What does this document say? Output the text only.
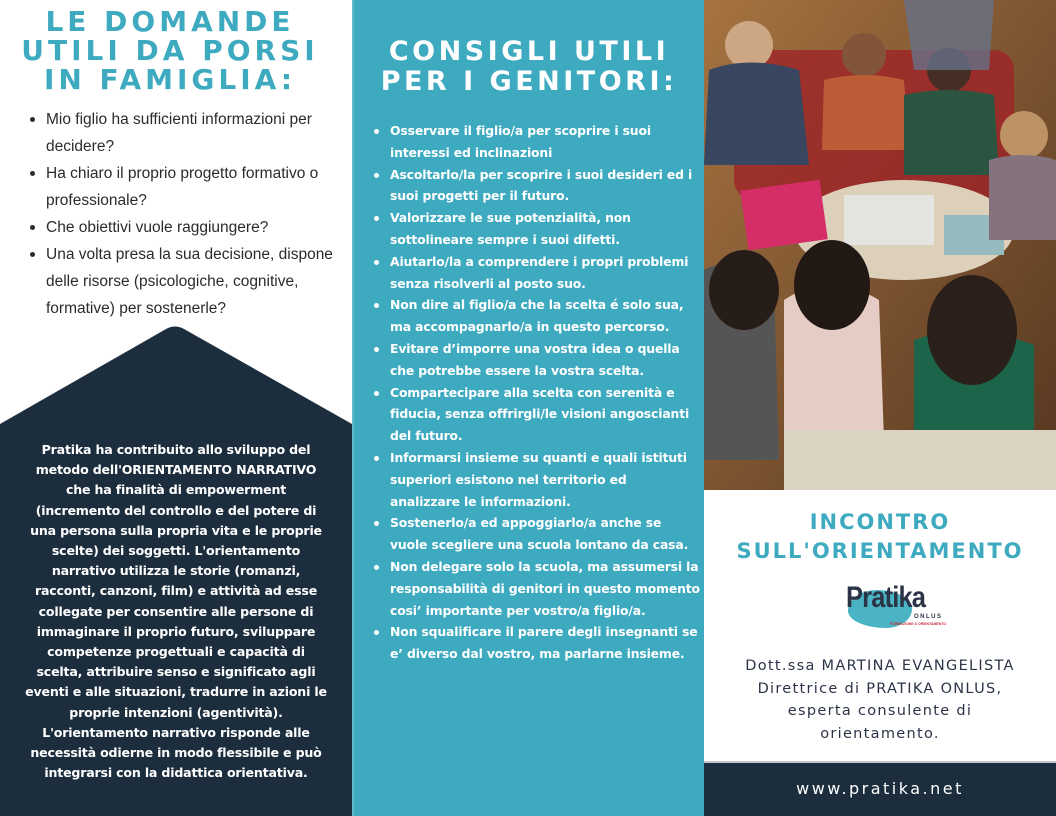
LE DOMANDE
UTILI DA PORSI
IN FAMIGLIA:
Mio figlio ha sufficienti informazioni per decidere?
Ha chiaro il proprio progetto formativo o professionale?
Che obiettivi vuole raggiungere?
Una volta presa la sua decisione, dispone delle risorse (psicologiche, cognitive, formative) per sostenerle?
Pratika ha contribuito allo sviluppo del
metodo dell'ORIENTAMENTO NARRATIVO
che ha finalità di empowerment
(incremento del controllo e del potere di
una persona sulla propria vita e le proprie
scelte) dei soggetti. L'orientamento
narrativo utilizza le storie (romanzi,
racconti, canzoni, film) e attività ad esse
collegate per consentire alle persone di
immaginare il proprio futuro, sviluppare
competenze progettuali e capacità di
scelta, attribuire senso e significato agli
eventi e alle situazioni, tradurre in azioni le
proprie intenzioni (agentività).
L'orientamento narrativo risponde alle
necessità odierne in modo flessibile e può
integrarsi con la didattica orientativa.
CONSIGLI UTILI
PER I GENITORI:
Osservare il figlio/a per scoprire i suoi interessi ed inclinazioni
Ascoltarlo/la per scoprire i suoi desideri ed i suoi progetti per il futuro.
Valorizzare le sue potenzialità, non sottolineare sempre i suoi difetti.
Aiutarlo/la a comprendere i propri problemi senza risolverli al posto suo.
Non dire al figlio/a che la scelta é solo sua, ma accompagnarlo/a in questo percorso.
Evitare d’imporre una vostra idea o quella che potrebbe essere la vostra scelta.
Compartecipare alla scelta con serenità e fiducia, senza offrirgli/le visioni angoscianti del futuro.
Informarsi insieme su quanti e quali istituti superiori esistono nel territorio ed analizzare le informazioni.
Sostenerlo/a ed appoggiarlo/a anche se vuole scegliere una scuola lontano da casa.
Non delegare solo la scuola, ma assumersi la responsabilità di genitori in questo momento cosi’ importante per vostro/a figlio/a.
Non squalificare il parere degli insegnanti se e’ diverso dal vostro, ma parlarne insieme.
INCONTRO
SULL'ORIENTAMENTO
Pratika
ONLUS
FORMAZIONE & ORIENTAMENTO
Dott.ssa MARTINA EVANGELISTA
Direttrice di PRATIKA ONLUS,
esperta consulente di
orientamento.
www.pratika.net
